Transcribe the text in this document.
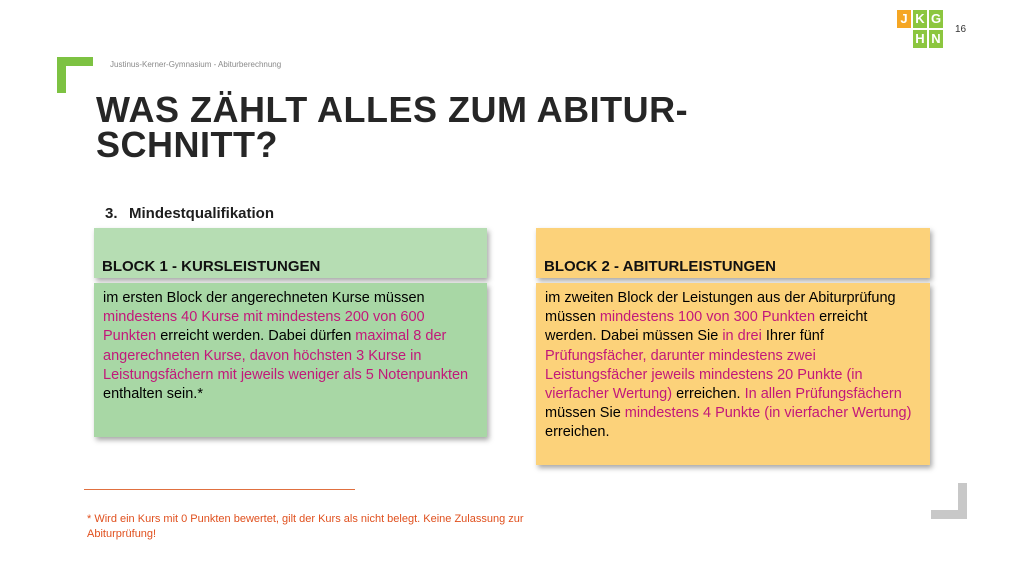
Justinus-Kerner-Gymnasium - Abiturberechnung
J K G
H N
16
WAS ZÄHLT ALLES ZUM ABITUR-
SCHNITT?
3. Mindestqualifikation
BLOCK 1 - KURSLEISTUNGEN
im ersten Block der angerechneten Kurse müssen mindestens 40 Kurse mit mindestens 200 von 600 Punkten erreicht werden. Dabei dürfen maximal 8 der angerechneten Kurse, davon höchsten 3 Kurse in Leistungsfächern mit jeweils weniger als 5 Notenpunkten enthalten sein.*
BLOCK 2 - ABITURLEISTUNGEN
im zweiten Block der Leistungen aus der Abiturprüfung müssen mindestens 100 von 300 Punkten erreicht werden. Dabei müssen Sie in drei Ihrer fünf Prüfungsfächer, darunter mindestens zwei Leistungsfächer jeweils mindestens 20 Punkte (in vierfacher Wertung) erreichen. In allen Prüfungsfächern müssen Sie mindestens 4 Punkte (in vierfacher Wertung) erreichen.
* Wird ein Kurs mit 0 Punkten bewertet, gilt der Kurs als nicht belegt. Keine Zulassung zur Abiturprüfung!
